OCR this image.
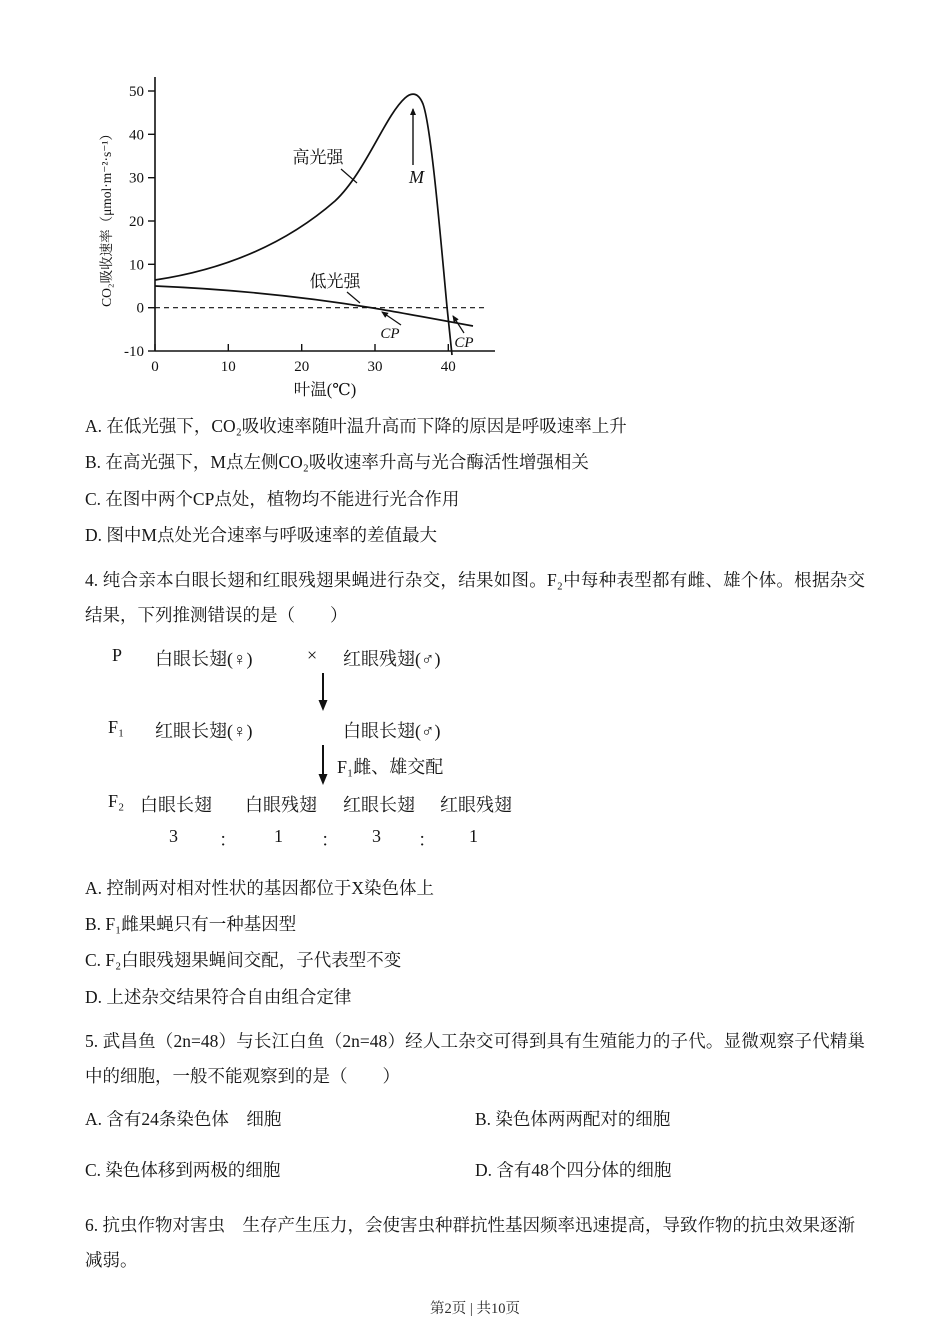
50
40
30
20
10
0
-10
0	10	20	30	40
叶温(℃)
CO₂吸收速率（μmol·m⁻²·s⁻¹）	高光强
低光强
M
CP
CP

A. 在低光强下，CO₂吸收速率随叶温升高而下降的原因是呼吸速率上升

B. 在高光强下，M点左侧CO₂吸收速率升高与光合酶活性增强相关

C. 在图中两个CP点处，植物均不能进行光合作用

D. 图中M点处光合速率与呼吸速率的差值最大

4. 纯合亲本白眼长翅和红眼残翅果蝇进行杂交，结果如图。F₂中每种表型都有雌、雄个体。根据杂交结果，下列推测错误的是（　　）

P 白眼长翅(♀)	× 红眼残翅(♂)
F₁ 红眼长翅(♀)	白眼长翅(♂)
F₁雌、雄交配
F₂ 白眼长翅 白眼残翅 红眼长翅 红眼残翅
3 ： 1 ： 3 ： 1

A. 控制两对相对性状的基因都位于X染色体上

B. F₁雌果蝇只有一种基因型

C. F₂白眼残翅果蝇间交配，子代表型不变

D. 上述杂交结果符合自由组合定律

5. 武昌鱼（2n=48）与长江白鱼（2n=48）经人工杂交可得到具有生殖能力的子代。显微观察子代精巢中的细胞，一般不能观察到的是（　　）

A. 含有24条染色体　细胞	B. 染色体两两配对的细胞
C. 染色体移到两极的细胞	D. 含有48个四分体的细胞

6. 抗虫作物对害虫　生存产生压力，会使害虫种群抗性基因频率迅速提高，导致作物的抗虫效果逐渐减弱。

第2页 | 共10页
